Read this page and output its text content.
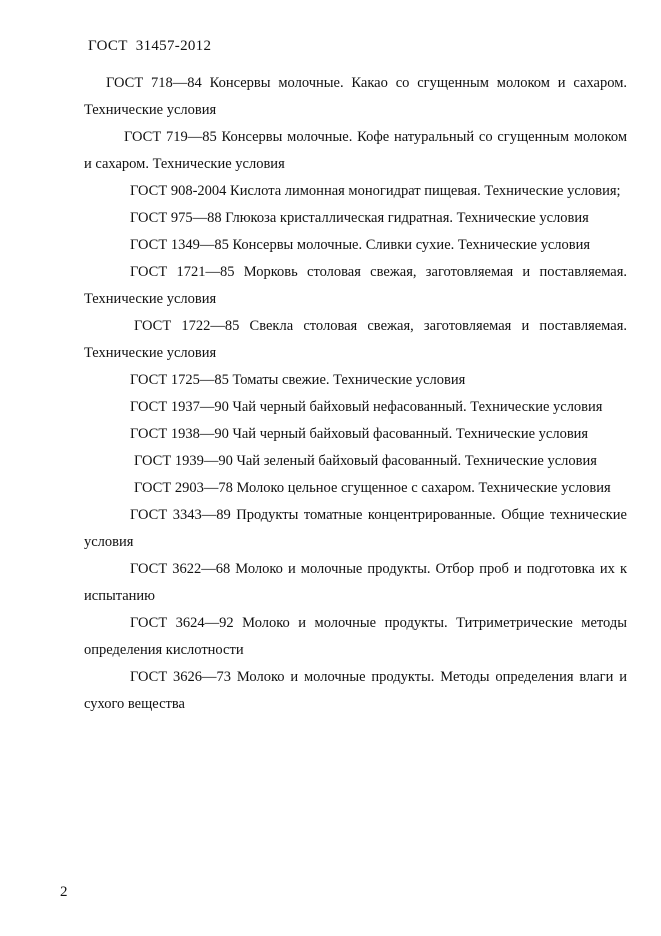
ГОСТ  31457-2012

ГОСТ 718—84 Консервы молочные. Какао со сгущенным молоком и сахаром. Технические условия

ГОСТ 719—85 Консервы молочные. Кофе натуральный со сгущенным молоком и сахаром. Технические условия

ГОСТ 908-2004 Кислота лимонная моногидрат пищевая. Технические условия;

ГОСТ 975—88 Глюкоза кристаллическая гидратная. Технические условия

ГОСТ 1349—85 Консервы молочные. Сливки сухие. Технические условия

ГОСТ 1721—85 Морковь столовая свежая, заготовляемая и поставляемая. Технические условия

ГОСТ 1722—85 Свекла столовая свежая, заготовляемая и поставляемая. Технические условия

ГОСТ 1725—85 Томаты свежие. Технические условия

ГОСТ 1937—90 Чай черный байховый нефасованный. Технические условия

ГОСТ 1938—90 Чай черный байховый фасованный. Технические условия

ГОСТ 1939—90 Чай зеленый байховый фасованный. Технические условия

ГОСТ 2903—78 Молоко цельное сгущенное с сахаром. Технические условия

ГОСТ 3343—89 Продукты томатные концентрированные. Общие технические условия

ГОСТ 3622—68 Молоко и молочные продукты. Отбор проб и подготовка их к испытанию

ГОСТ 3624—92 Молоко и молочные продукты. Титриметрические методы определения кислотности

ГОСТ 3626—73 Молоко и молочные продукты. Методы определения влаги и сухого вещества

2
